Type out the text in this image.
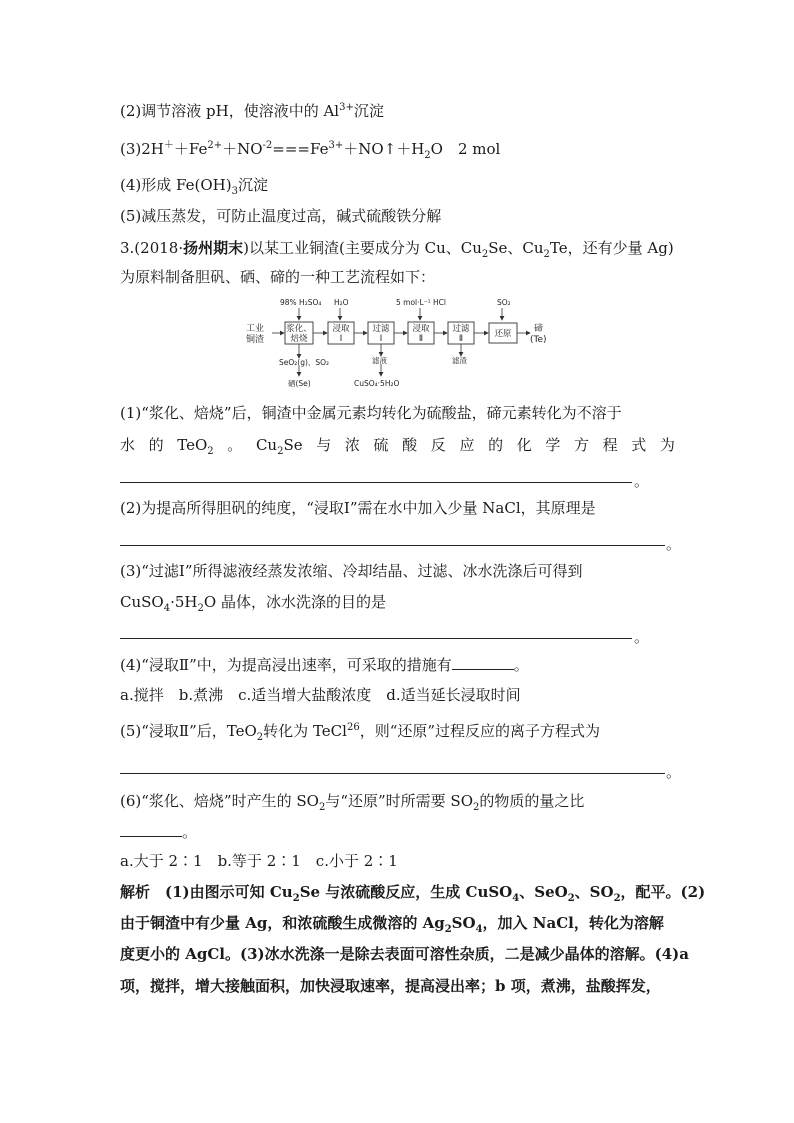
(2)调节溶液 pH，使溶液中的 $Al^{3+}$沉淀
$(3)2H^++Fe^{2+}+NO^{-2}===Fe^{3+}+NO↑+H_2O$　2 mol
(4)形成 $Fe(OH)_3$沉淀
(5)减压蒸发，可防止温度过高，碱式硫酸铁分解
3.(2018·扬州期末)以某工业铜渣(主要成分为 Cu、$Cu_2Se$、$Cu_2Te$，还有少量 Ag)
为原料制备胆矾、硒、碲的一种工艺流程如下：
98% H₂SO₄ H₂O	5 mol·L⁻¹ HCl	SO₂
工业
铜渣
浆化、
焙烧
浸取
Ⅰ
过滤
Ⅰ
浸取
Ⅱ
过滤
Ⅱ	还原 碲
(Te)
SeO₂(g)、SO₂
硒(Se)
滤液
CuSO₄·5H₂O
滤渣
(1)“浆化、焙烧”后，铜渣中金属元素均转化为硫酸盐，碲元素转化为不溶于
水 的 TeO$_2$ 。 $Cu_2Se$ 与 浓 硫 酸 反 应 的 化 学 方 程 式 为
。
(2)为提高所得胆矾的纯度，“浸取Ⅰ”需在水中加入少量 NaCl，其原理是
。
(3)“过滤Ⅰ”所得滤液经蒸发浓缩、冷却结晶、过滤、冰水洗涤后可得到
$CuSO_4\cdot 5H_2O$ 晶体，冰水洗涤的目的是
。
(4)“浸取Ⅱ”中，为提高浸出速率，可采取的措施有	。
a.搅拌　b.煮沸　c.适当增大盐酸浓度　d.适当延长浸取时间
(5)“浸取Ⅱ”后，TeO$_2$转化为 TeCl$^{26}$，则“还原”过程反应的离子方程式为
。
(6)“浆化、焙烧”时产生的 $SO_2$与“还原”时所需要 $SO_2$的物质的量之比
。
a.大于 2∶1　b.等于 2∶1　c.小于 2∶1
解析　(1)由图示可知 $Cu_2Se$ 与浓硫酸反应，生成 CuSO$_4$、SeO$_2$、$SO_2$，配平。(2)
由于铜渣中有少量 Ag，和浓硫酸生成微溶的 $Ag_2SO_4$，加入 NaCl，转化为溶解
度更小的 AgCl。(3)冰水洗涤一是除去表面可溶性杂质，二是减少晶体的溶解。(4)a
项，搅拌，增大接触面积，加快浸取速率，提高浸出率；b 项，煮沸，盐酸挥发，
